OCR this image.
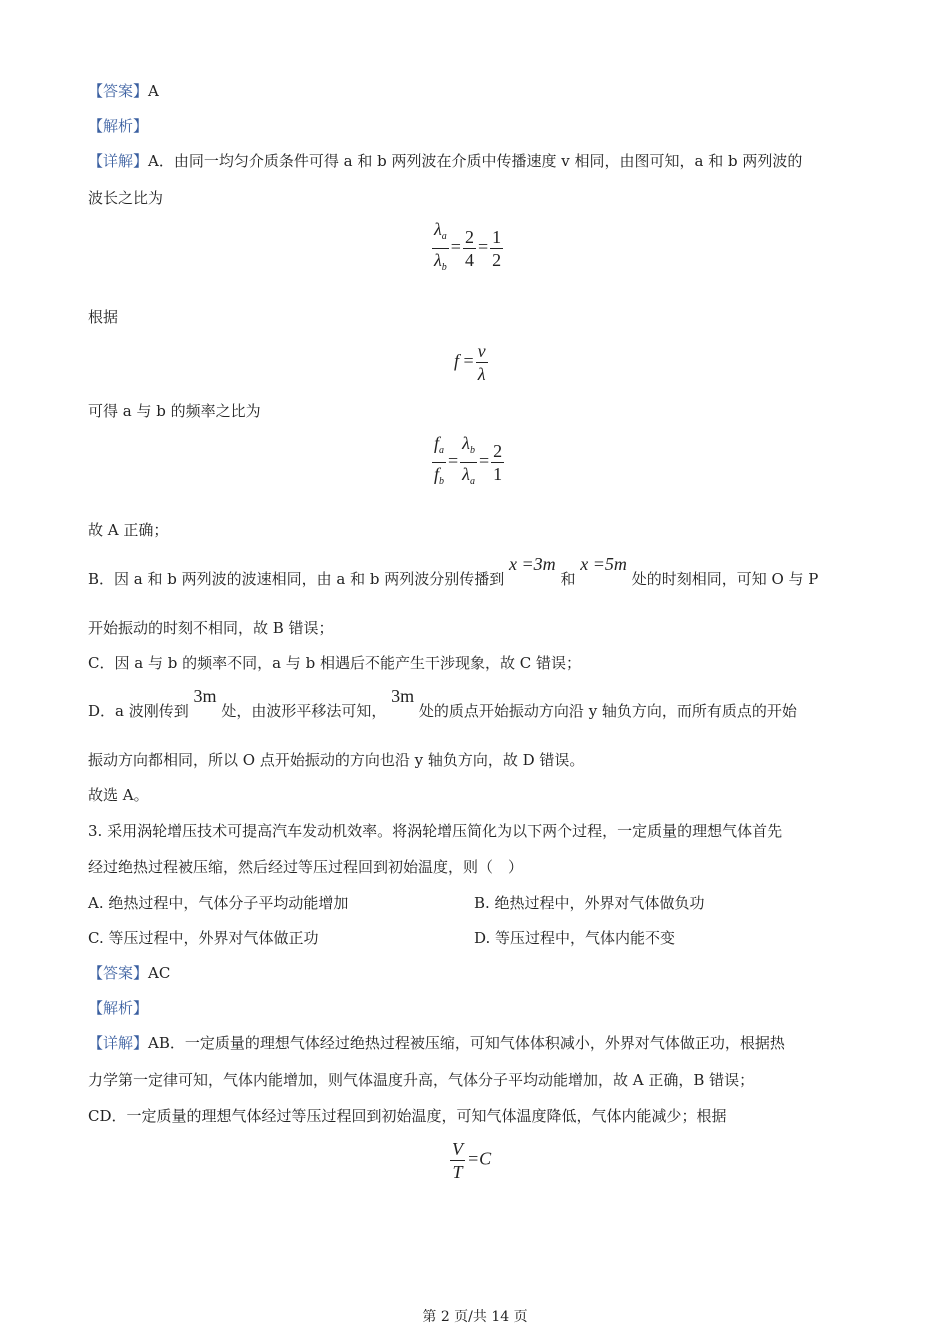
【答案】A
【解析】
【详解】A．由同一均匀介质条件可得 a 和 b 两列波在介质中传播速度 v 相同，由图可知，a 和 b 两列波的
波长之比为
$\frac{\lambda_a}{\lambda_b} = \frac{2}{4} = \frac{1}{2}$
根据
$f = \frac{v}{\lambda}$
可得 a 与 b 的频率之比为
$\frac{f_a}{f_b} = \frac{\lambda_b}{\lambda_a} = \frac{2}{1}$
故 A 正确；
B．因 a 和 b 两列波的波速相同，由 a 和 b 两列波分别传播到 x =3m 和 x =5m 处的时刻相同，可知 O 与 P
开始振动的时刻不相同，故 B 错误；
C．因 a 与 b 的频率不同，a 与 b 相遇后不能产生干涉现象，故 C 错误；
D．a 波刚传到 3m 处，由波形平移法可知， 3m 处的质点开始振动方向沿 y 轴负方向，而所有质点的开始
振动方向都相同，所以 O 点开始振动的方向也沿 y 轴负方向，故 D 错误。
故选 A。
3. 采用涡轮增压技术可提高汽车发动机效率。将涡轮增压简化为以下两个过程，一定质量的理想气体首先
经过绝热过程被压缩，然后经过等压过程回到初始温度，则（　）
A. 绝热过程中，气体分子平均动能增加	B. 绝热过程中，外界对气体做负功
C. 等压过程中，外界对气体做正功	D. 等压过程中，气体内能不变
【答案】AC
【解析】
【详解】AB．一定质量的理想气体经过绝热过程被压缩，可知气体体积减小，外界对气体做正功，根据热
力学第一定律可知，气体内能增加，则气体温度升高，气体分子平均动能增加，故 A 正确，B 错误；
CD．一定质量的理想气体经过等压过程回到初始温度，可知气体温度降低，气体内能减少；根据
$\frac{V}{T} =C$
第 2 页/共 14 页
